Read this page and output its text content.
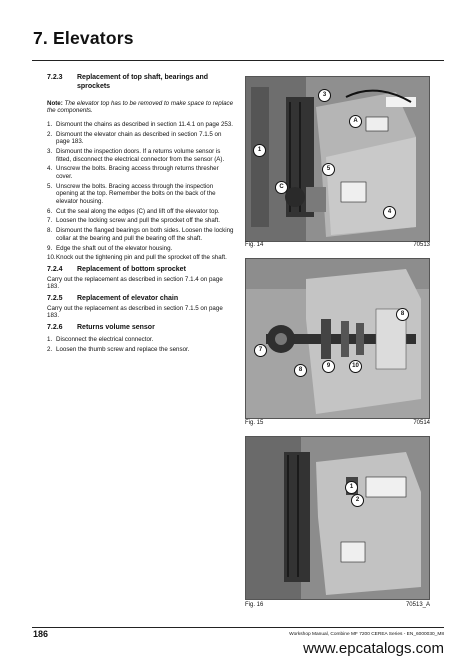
7. Elevators
7.2.3	Replacement of top shaft, bearings and sprockets
Note: The elevator top has to be removed to make space to replace the components.
1. Dismount the chains as described in section 11.4.1 on page 253.
2. Dismount the elevator chain as described in section 7.1.5 on page 183.
3. Dismount the inspection doors. If a returns volume sensor is fitted, disconnect the electrical connector from the sensor (A).
4. Unscrew the bolts. Bracing access through returns thresher cover.
5. Unscrew the bolts. Bracing access through the inspection opening at the top. Remember the bolts on the back of the elevator housing.
6. Cut the seal along the edges (C) and lift off the elevator top.
7. Loosen the locking screw and pull the sprocket off the shaft.
8. Dismount the flanged bearings on both sides. Loosen the locking collar at the bearing and pull the bearing off the shaft.
9. Edge the shaft out of the elevator housing.
10. Knock out the tightening pin and pull the sprocket off the shaft.
7.2.4	Replacement of bottom sprocket
Carry out the replacement as described in section 7.1.4 on page 183.
7.2.5	Replacement of elevator chain
Carry out the replacement as described in section 7.1.5 on page 183.
7.2.6	Returns volume sensor
1. Disconnect the electrical connector.
2. Loosen the thumb screw and replace the sensor.
3
A
1
5
C
4
Fig. 14	70513
7
8
9	10
8
Fig. 15	70514
1
2
Fig. 16	70513_A
186	Workshop Manual, Combine MF 7200 CEREA Series - EN_6000030_M8
www.epcatalogs.com
